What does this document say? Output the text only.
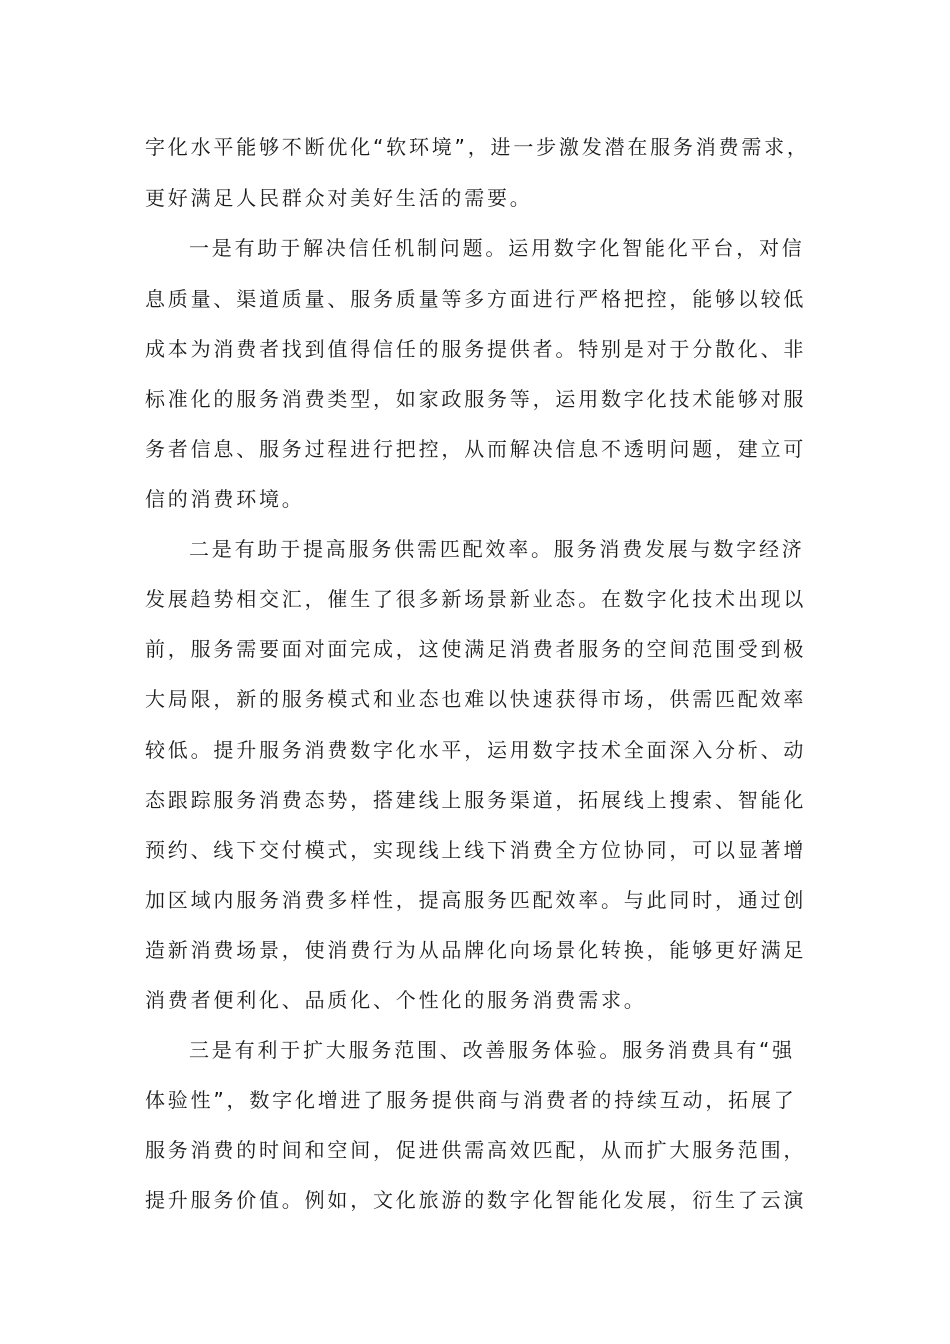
字化水平能够不断优化“软环境”，进一步激发潜在服务消费需求，
更好满足人民群众对美好生活的需要。
一是有助于解决信任机制问题。运用数字化智能化平台，对信
息质量、渠道质量、服务质量等多方面进行严格把控，能够以较低
成本为消费者找到值得信任的服务提供者。特别是对于分散化、非
标准化的服务消费类型，如家政服务等，运用数字化技术能够对服
务者信息、服务过程进行把控，从而解决信息不透明问题，建立可
信的消费环境。
二是有助于提高服务供需匹配效率。服务消费发展与数字经济
发展趋势相交汇，催生了很多新场景新业态。在数字化技术出现以
前，服务需要面对面完成，这使满足消费者服务的空间范围受到极
大局限，新的服务模式和业态也难以快速获得市场，供需匹配效率
较低。提升服务消费数字化水平，运用数字技术全面深入分析、动
态跟踪服务消费态势，搭建线上服务渠道，拓展线上搜索、智能化
预约、线下交付模式，实现线上线下消费全方位协同，可以显著增
加区域内服务消费多样性，提高服务匹配效率。与此同时，通过创
造新消费场景，使消费行为从品牌化向场景化转换，能够更好满足
消费者便利化、品质化、个性化的服务消费需求。
三是有利于扩大服务范围、改善服务体验。服务消费具有“强
体验性”，数字化增进了服务提供商与消费者的持续互动，拓展了
服务消费的时间和空间，促进供需高效匹配，从而扩大服务范围，
提升服务价值。例如，文化旅游的数字化智能化发展，衍生了云演
